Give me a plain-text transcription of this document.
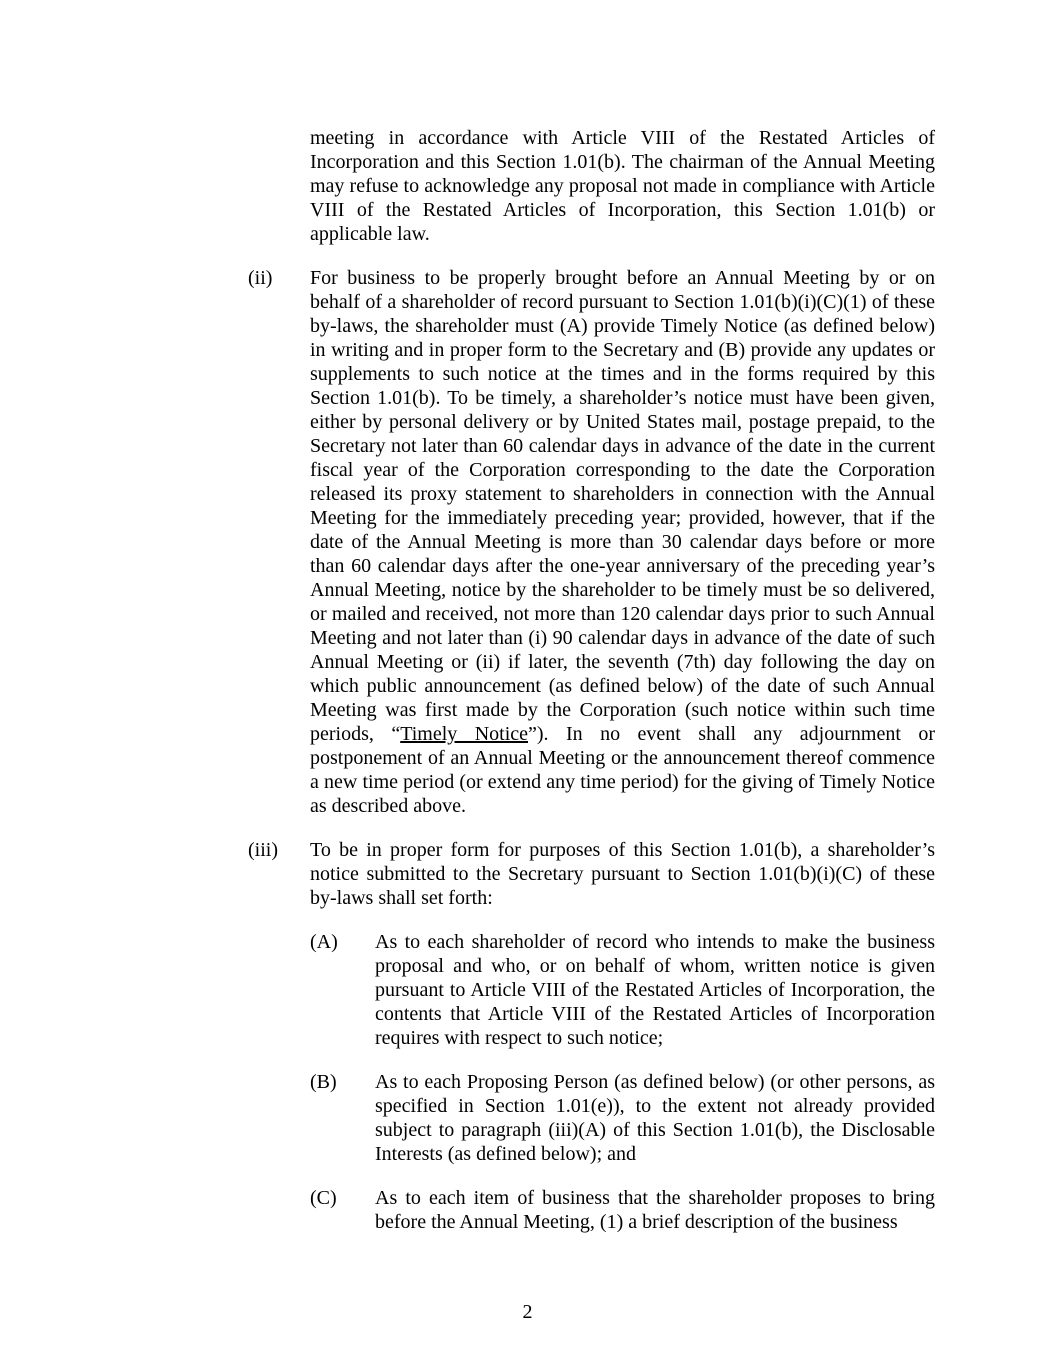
meeting in accordance with Article VIII of the Restated Articles of Incorporation and this Section 1.01(b). The chairman of the Annual Meeting may refuse to acknowledge any proposal not made in compliance with Article VIII of the Restated Articles of Incorporation, this Section 1.01(b) or applicable law.

(ii)	For business to be properly brought before an Annual Meeting by or on behalf of a shareholder of record pursuant to Section 1.01(b)(i)(C)(1) of these by-laws, the shareholder must (A) provide Timely Notice (as defined below) in writing and in proper form to the Secretary and (B) provide any updates or supplements to such notice at the times and in the forms required by this Section 1.01(b). To be timely, a shareholder’s notice must have been given, either by personal delivery or by United States mail, postage prepaid, to the Secretary not later than 60 calendar days in advance of the date in the current fiscal year of the Corporation corresponding to the date the Corporation released its proxy statement to shareholders in connection with the Annual Meeting for the immediately preceding year; provided, however, that if the date of the Annual Meeting is more than 30 calendar days before or more than 60 calendar days after the one-year anniversary of the preceding year’s Annual Meeting, notice by the shareholder to be timely must be so delivered, or mailed and received, not more than 120 calendar days prior to such Annual Meeting and not later than (i) 90 calendar days in advance of the date of such Annual Meeting or (ii) if later, the seventh (7th) day following the day on which public announcement (as defined below) of the date of such Annual Meeting was first made by the Corporation (such notice within such time periods, “Timely Notice”). In no event shall any adjournment or postponement of an Annual Meeting or the announcement thereof commence a new time period (or extend any time period) for the giving of Timely Notice as described above.

(iii)	To be in proper form for purposes of this Section 1.01(b), a shareholder’s notice submitted to the Secretary pursuant to Section 1.01(b)(i)(C) of these by-laws shall set forth:

(A)	As to each shareholder of record who intends to make the business proposal and who, or on behalf of whom, written notice is given pursuant to Article VIII of the Restated Articles of Incorporation, the contents that Article VIII of the Restated Articles of Incorporation requires with respect to such notice;

(B)	As to each Proposing Person (as defined below) (or other persons, as specified in Section 1.01(e)), to the extent not already provided subject to paragraph (iii)(A) of this Section 1.01(b), the Disclosable Interests (as defined below); and

(C)	As to each item of business that the shareholder proposes to bring before the Annual Meeting, (1) a brief description of the business

2
